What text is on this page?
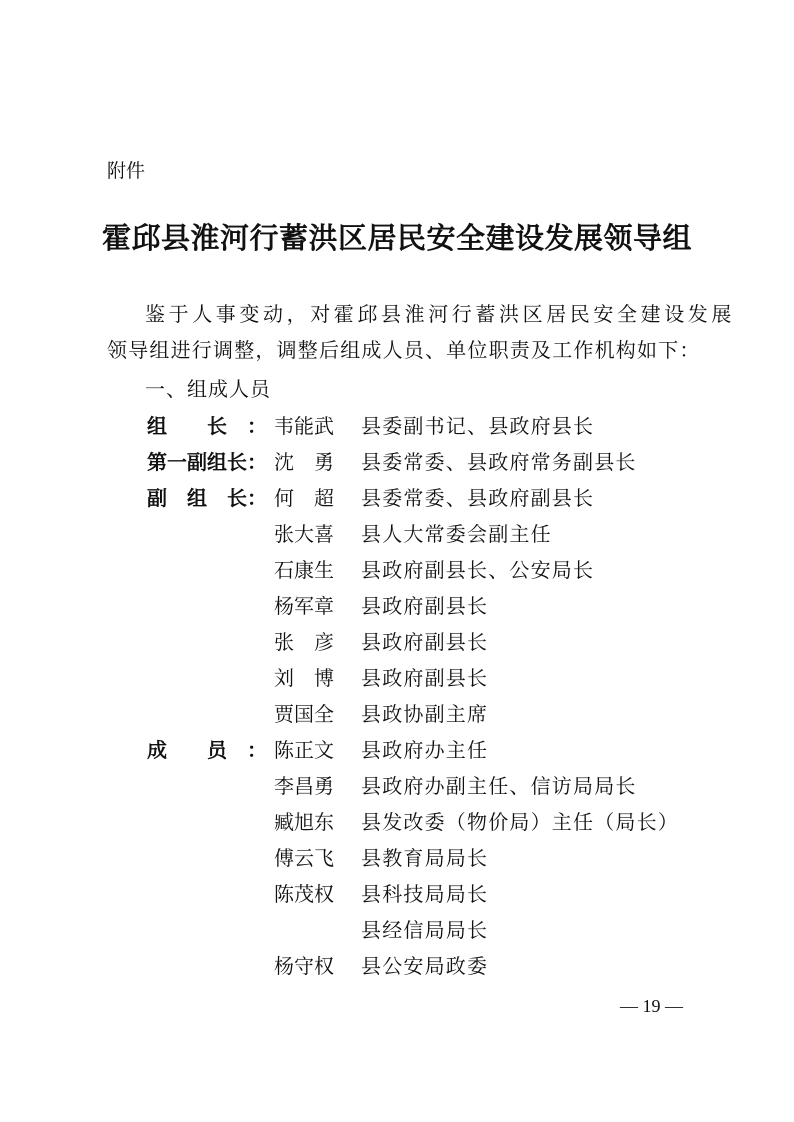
附件
霍邱县淮河行蓄洪区居民安全建设发展领导组
鉴于人事变动，对霍邱县淮河行蓄洪区居民安全建设发展
领导组进行调整，调整后组成人员、单位职责及工作机构如下：
一、组成人员
组　　长	：
第一副组长 ：
副　组　长 ：
成　　员	：
韦能武 县委副书记、县政府县长
沈　勇 县委常委、县政府常务副县长
何　超 县委常委、县政府副县长
张大喜 县人大常委会副主任
石康生 县政府副县长、公安局长
杨军章 县政府副县长
张　彦 县政府副县长
刘　博 县政府副县长
贾国全 县政协副主席
陈正文 县政府办主任
李昌勇 县政府办副主任、信访局局长
臧旭东 县发改委（物价局）主任（局长）
傅云飞 县教育局局长
陈茂权 县科技局局长
县经信局局长
杨守权 县公安局政委
— 19 —
